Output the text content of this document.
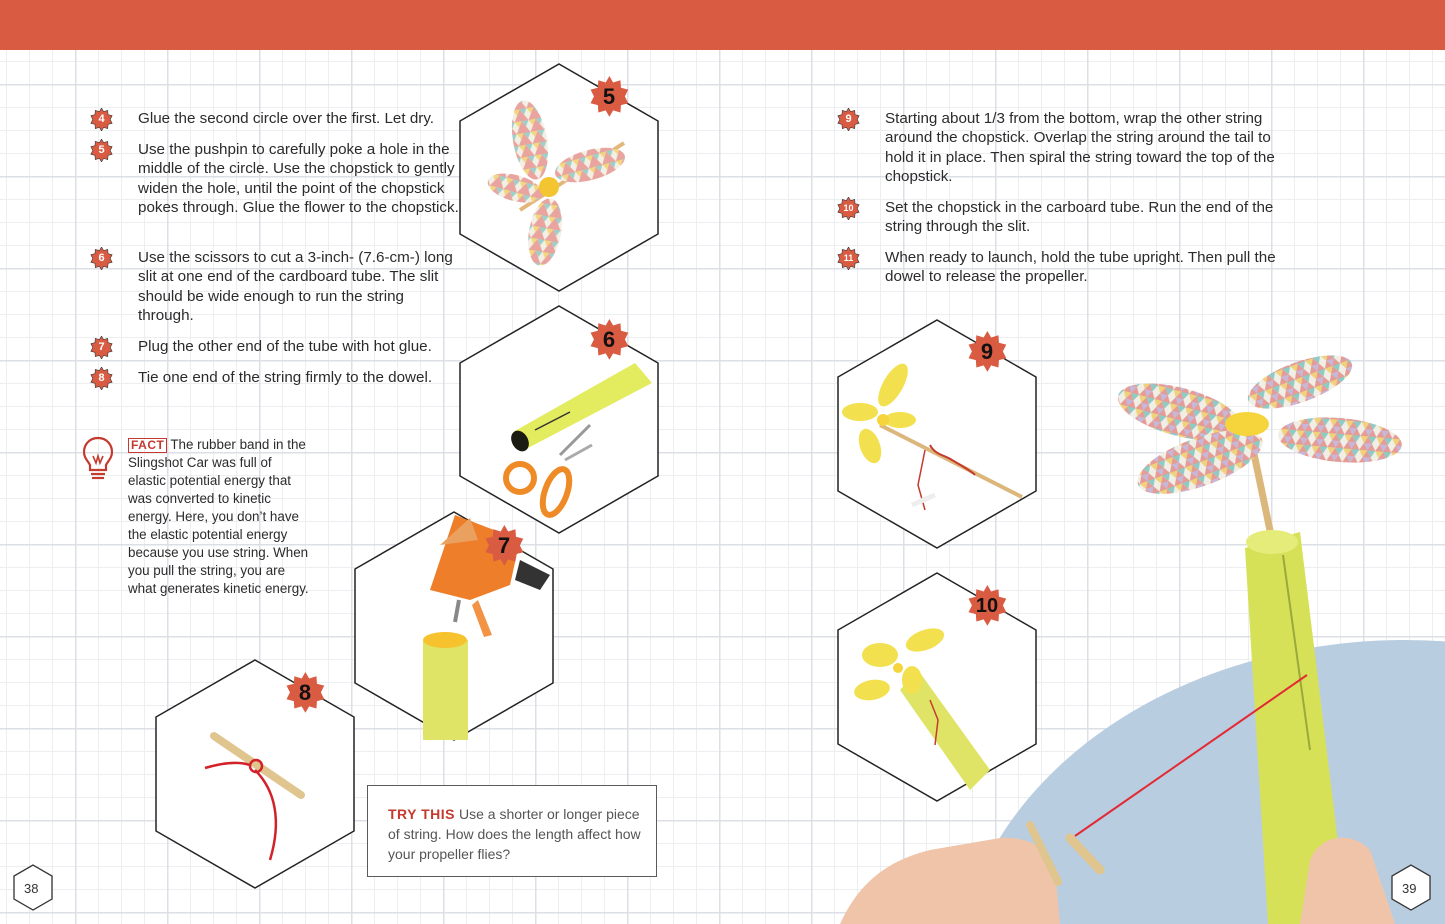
4	Glue the second circle over the first. Let dry.

5	Use the pushpin to carefully poke a hole in the middle of the circle. Use the chopstick to gently widen the hole, until the point of the chopstick pokes through. Glue the flower to the chopstick.

6	Use the scissors to cut a 3-inch- (7.6-cm-) long slit at one end of the cardboard tube. The slit should be wide enough to run the string through.

7	Plug the other end of the tube with hot glue.

8	Tie one end of the string firmly to the dowel.

9	Starting about 1/3 from the bottom, wrap the other string around the chopstick. Overlap the string around the tail to hold it in place. Then spiral the string toward the top of the chopstick.

10	Set the chopstick in the carboard tube. Run the end of the string through the slit.

11	When ready to launch, hold the tube upright. Then pull the dowel to release the propeller.

FACT The rubber band in the Slingshot Car was full of elastic potential energy that was converted to kinetic energy. Here, you don’t have the elastic potential energy because you use string. When you pull the string, you are what generates kinetic energy.

TRY THIS Use a shorter or longer piece of string. How does the length affect how your propeller flies?
5
6
7
8
9
10
38	39
